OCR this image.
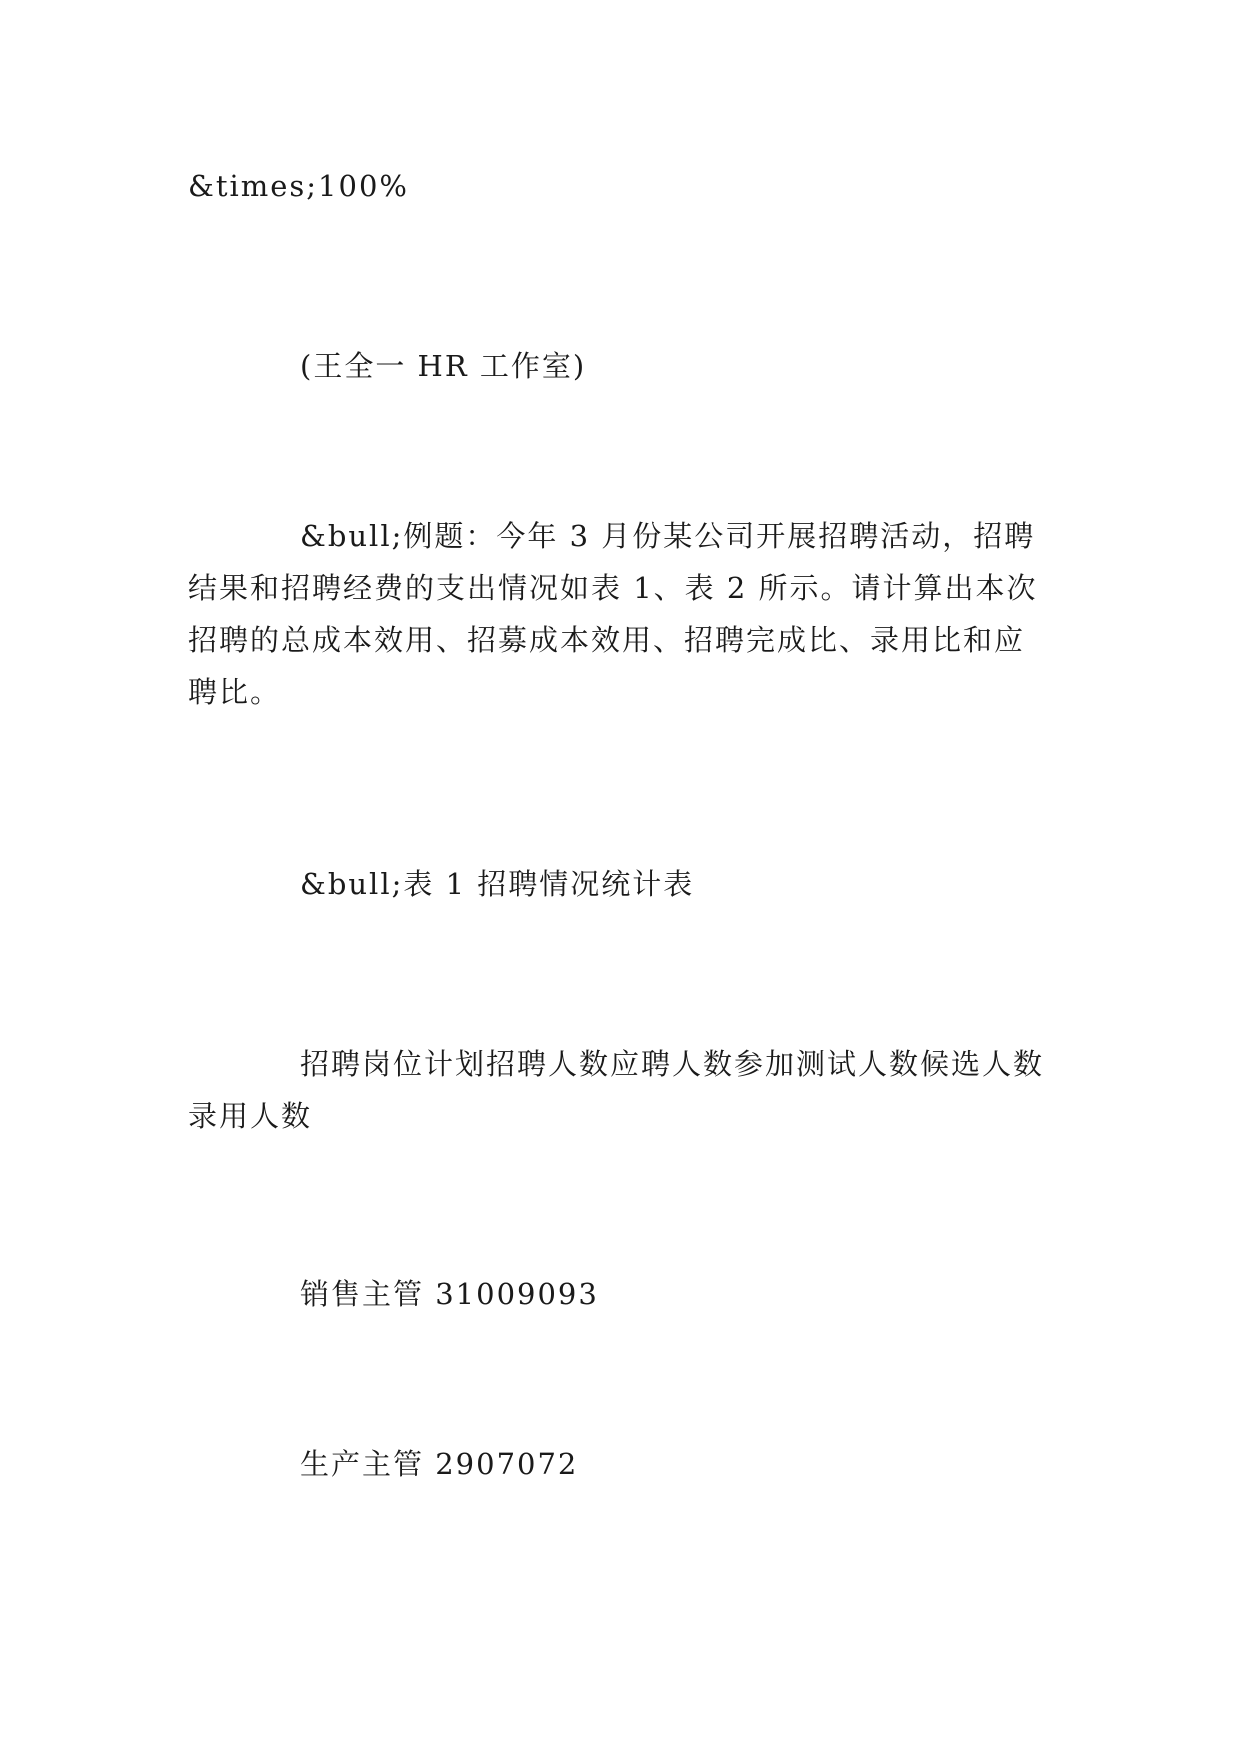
&times;100%

(王全一 HR 工作室)

&bull;例题：今年 3 月份某公司开展招聘活动，招聘结果和招聘经费的支出情况如表 1、表 2 所示。请计算出本次招聘的总成本效用、招募成本效用、招聘完成比、录用比和应聘比。

&bull;表 1 招聘情况统计表

招聘岗位计划招聘人数应聘人数参加测试人数候选人数录用人数

销售主管 31009093

生产主管 2907072
